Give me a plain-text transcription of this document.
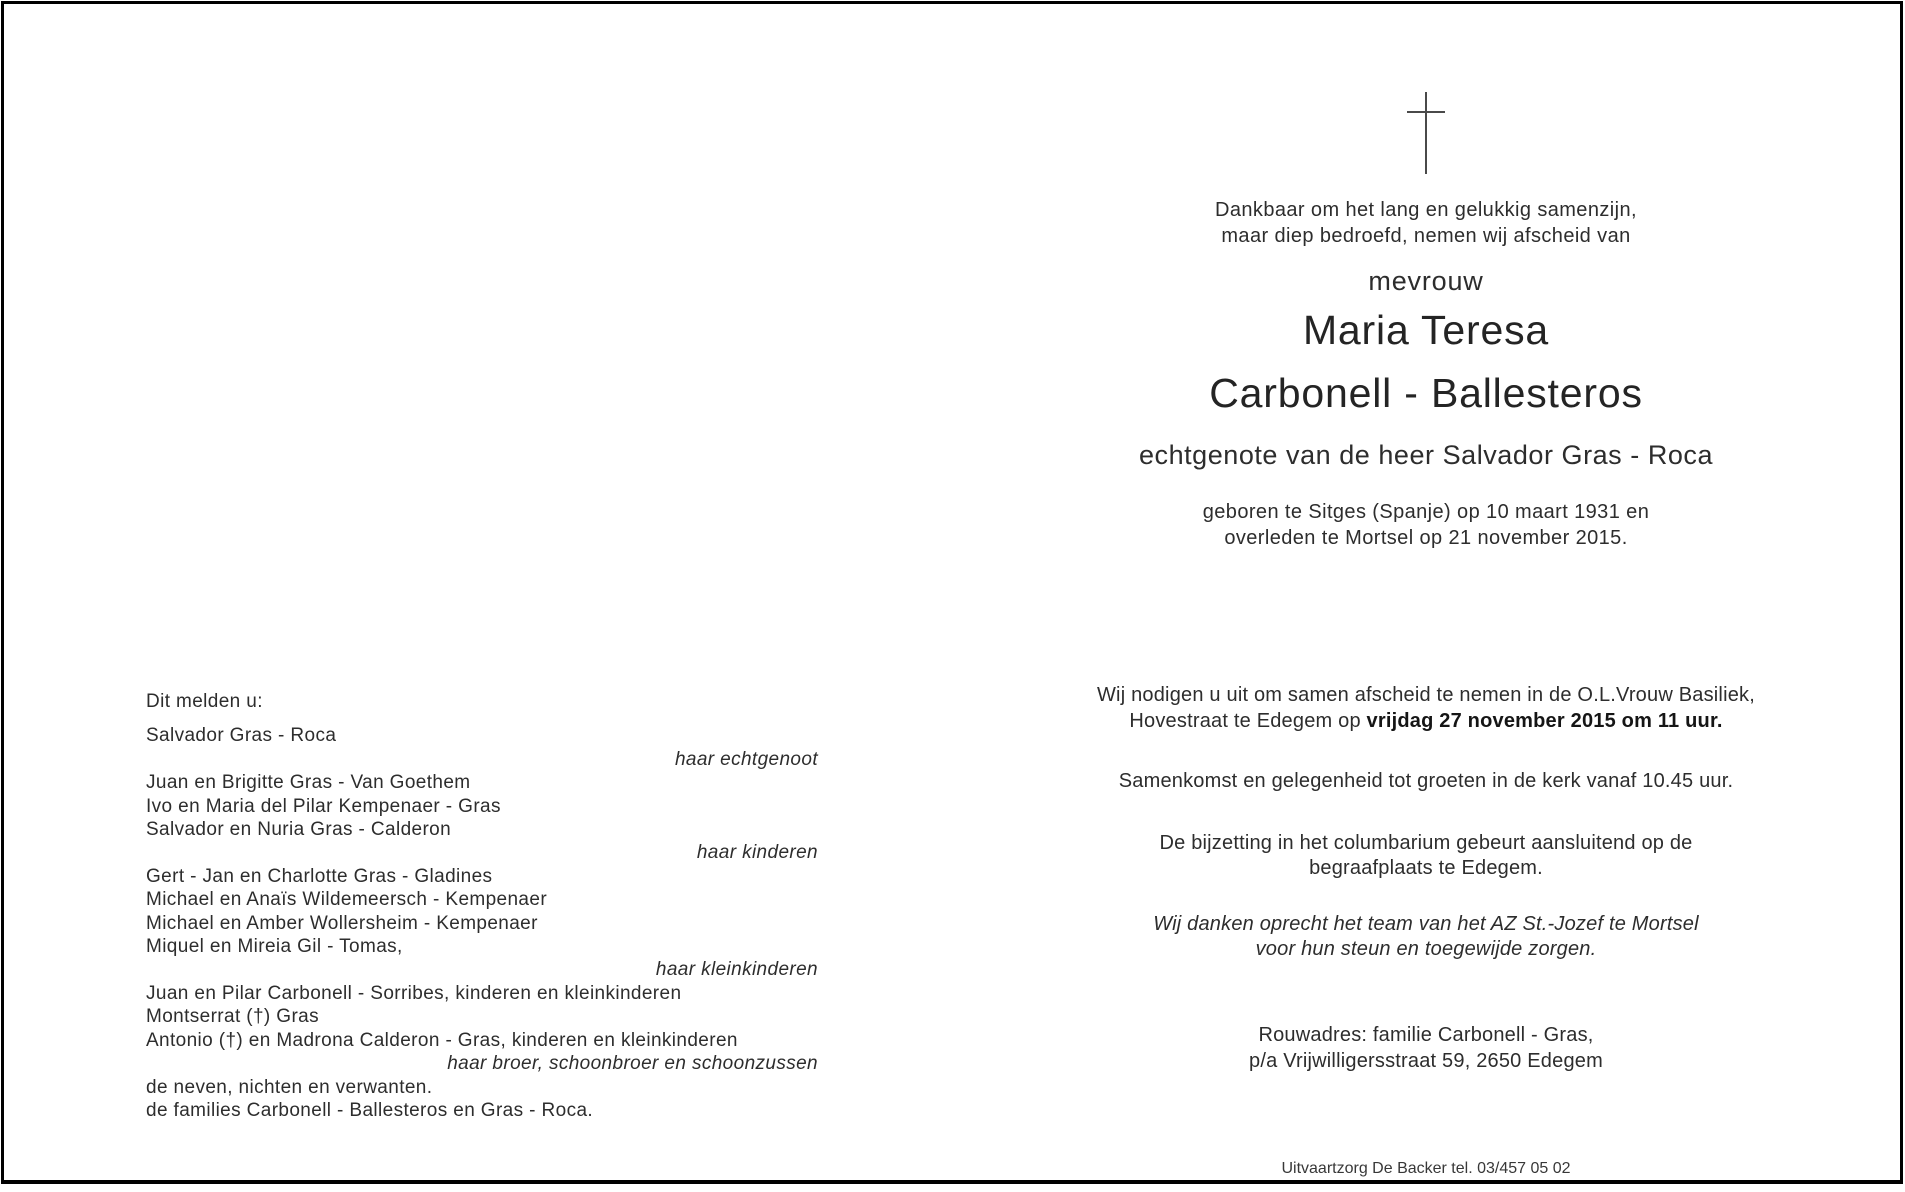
Dankbaar om het lang en gelukkig samenzijn,
maar diep bedroefd, nemen wij afscheid van
mevrouw
Maria Teresa
Carbonell - Ballesteros
echtgenote van de heer Salvador Gras - Roca
geboren te Sitges (Spanje) op 10 maart 1931 en
overleden te Mortsel op 21 november 2015.
Wij nodigen u uit om samen afscheid te nemen in de O.L.Vrouw Basiliek,
Hovestraat te Edegem op vrijdag 27 november 2015 om 11 uur.
Samenkomst en gelegenheid tot groeten in de kerk vanaf 10.45 uur.
De bijzetting in het columbarium gebeurt aansluitend op de
begraafplaats te Edegem.
Wij danken oprecht het team van het AZ St.-Jozef te Mortsel
voor hun steun en toegewijde zorgen.
Rouwadres: familie Carbonell - Gras,
p/a Vrijwilligersstraat 59, 2650 Edegem
Uitvaartzorg De Backer tel. 03/457 05 02
Dit melden u:
Salvador Gras - Roca
haar echtgenoot
Juan en Brigitte Gras - Van Goethem
Ivo en Maria del Pilar Kempenaer - Gras
Salvador en Nuria Gras - Calderon
haar kinderen
Gert - Jan en Charlotte Gras - Gladines
Michael en Anaïs Wildemeersch - Kempenaer
Michael en Amber Wollersheim - Kempenaer
Miquel en Mireia Gil - Tomas,
haar kleinkinderen
Juan en Pilar Carbonell - Sorribes, kinderen en kleinkinderen
Montserrat (†) Gras
Antonio (†) en Madrona Calderon - Gras, kinderen en kleinkinderen
haar broer, schoonbroer en schoonzussen
de neven, nichten en verwanten.
de families Carbonell - Ballesteros en Gras - Roca.
